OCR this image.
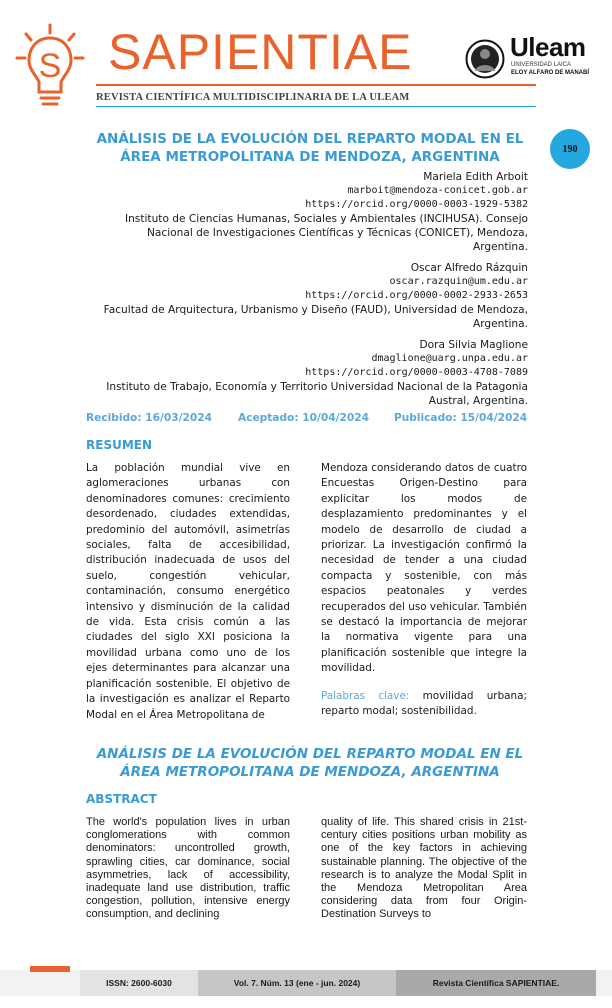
S SAPIENTIAE
REVISTA CIENTÍFICA MULTIDISCIPLINARIA DE LA ULEAM
Uleam
UNIVERSIDAD LAICA
ELOY ALFARO DE MANABÍ
190
ANÁLISIS DE LA EVOLUCIÓN DEL REPARTO MODAL EN EL
ÁREA METROPOLITANA DE MENDOZA, ARGENTINA
Mariela Edith Arboit
marboit@mendoza-conicet.gob.ar
https://orcid.org/0000-0003-1929-5382
Instituto de Ciencias Humanas, Sociales y Ambientales (INCIHUSA). Consejo
Nacional de Investigaciones Científicas y Técnicas (CONICET), Mendoza,
Argentina.
Oscar Alfredo Rázquin
oscar.razquin@um.edu.ar
https://orcid.org/0000-0002-2933-2653
Facultad de Arquitectura, Urbanismo y Diseño (FAUD), Universidad de Mendoza,
Argentina.
Dora Silvia Maglione
dmaglione@uarg.unpa.edu.ar
https://orcid.org/0000-0003-4708-7089
Instituto de Trabajo, Economía y Territorio Universidad Nacional de la Patagonia
Austral, Argentina.
Recibido: 16/03/2024 Aceptado: 10/04/2024 Publicado: 15/04/2024
RESUMEN
La población mundial vive en aglomeraciones urbanas con denominadores comunes: crecimiento desordenado, ciudades extendidas, predominio del automóvil, asimetrías sociales, falta de accesibilidad, distribución inadecuada de usos del suelo, congestión vehicular, contaminación, consumo energético intensivo y disminución de la calidad de vida. Esta crisis común a las ciudades del siglo XXI posiciona la movilidad urbana como uno de los ejes determinantes para alcanzar una planificación sostenible. El objetivo de la investigación es analizar el Reparto Modal en el Área Metropolitana de
Mendoza considerando datos de cuatro Encuestas Origen-Destino para explicitar los modos de desplazamiento predominantes y el modelo de desarrollo de ciudad a priorizar. La investigación confirmó la necesidad de tender a una ciudad compacta y sostenible, con más espacios peatonales y verdes recuperados del uso vehicular. También se destacó la importancia de mejorar la normativa vigente para una planificación sostenible que integre la movilidad.
Palabras clave: movilidad urbana; reparto modal; sostenibilidad.
ANÁLISIS DE LA EVOLUCIÓN DEL REPARTO MODAL EN EL
ÁREA METROPOLITANA DE MENDOZA, ARGENTINA
ABSTRACT
The world's population lives in urban conglomerations with common denominators: uncontrolled growth, sprawling cities, car dominance, social asymmetries, lack of accessibility, inadequate land use distribution, traffic congestion, pollution, intensive energy consumption, and declining
quality of life. This shared crisis in 21st-century cities positions urban mobility as one of the key factors in achieving sustainable planning. The objective of the research is to analyze the Modal Split in the Mendoza Metropolitan Area considering data from four Origin-Destination Surveys to
ISSN: 2600-6030	Vol. 7. Núm. 13 (ene - jun. 2024)	Revista Científica SAPIENTIAE.
